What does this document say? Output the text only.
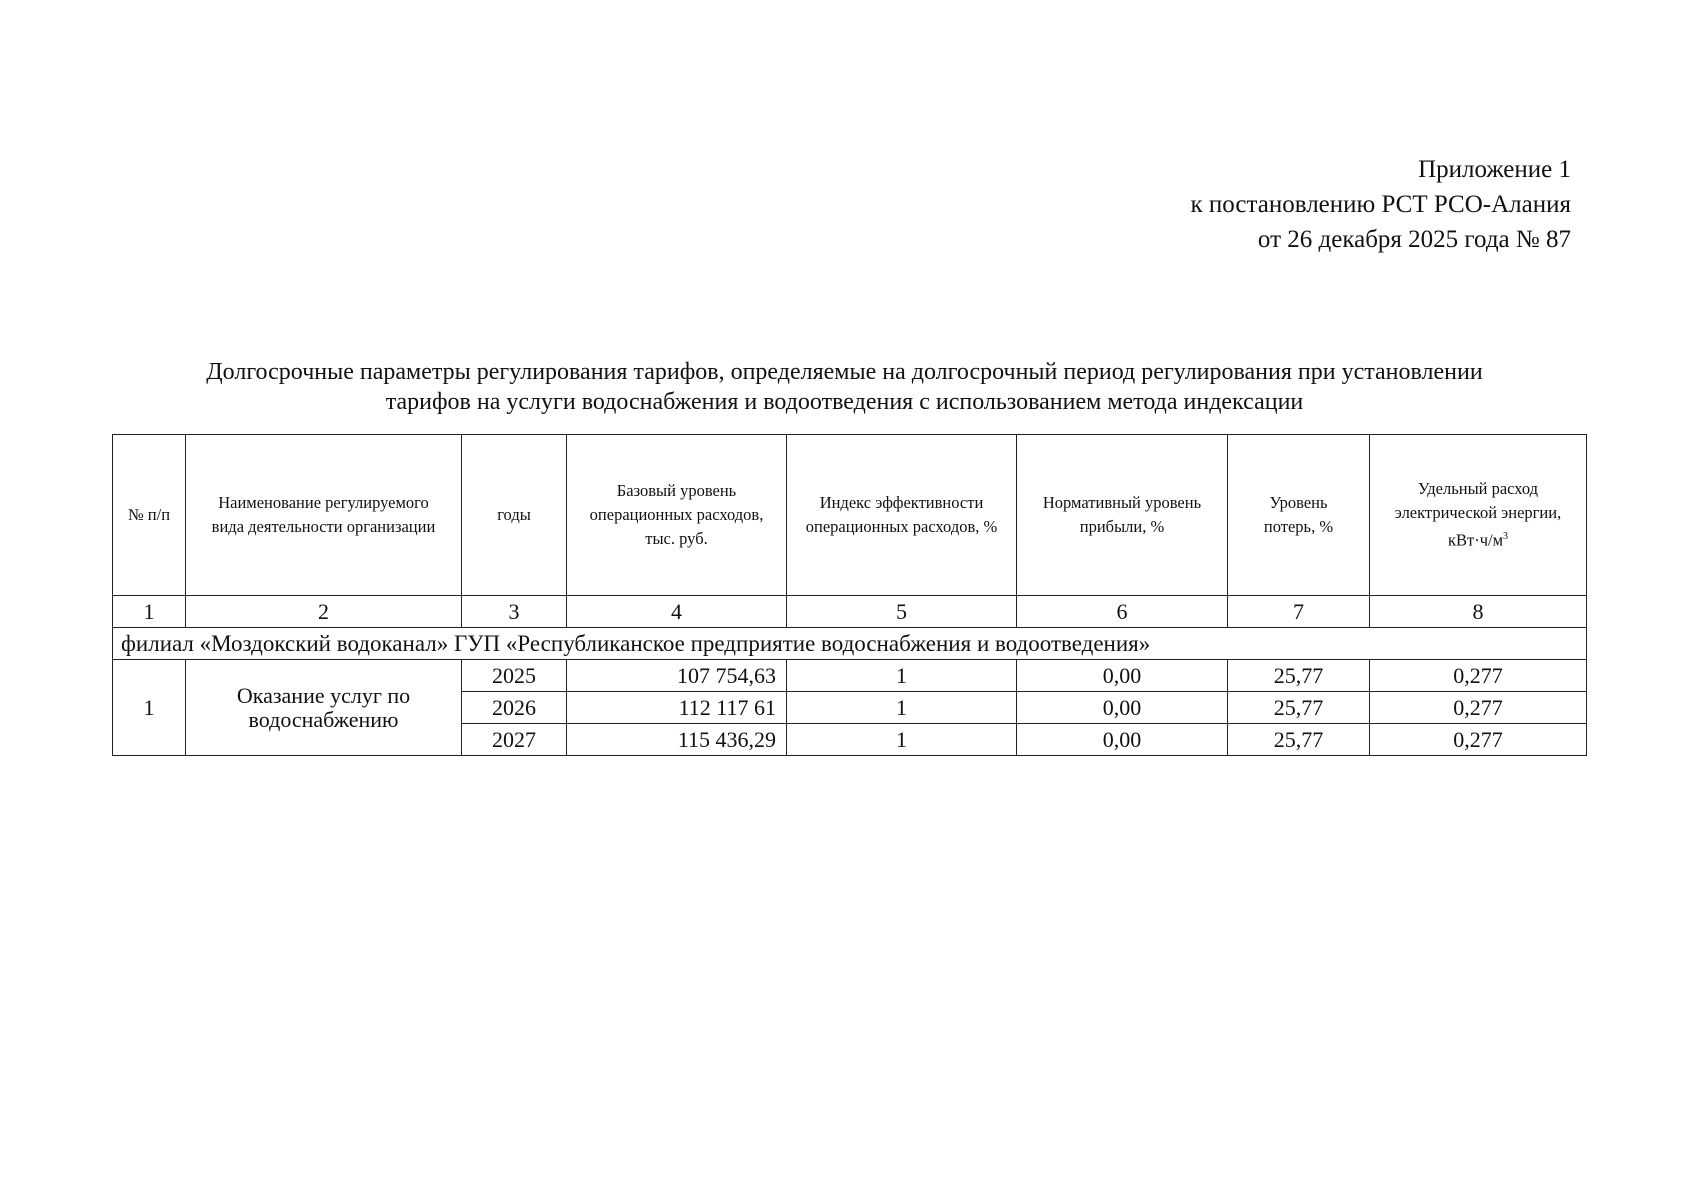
Приложение 1
к постановлению РСТ РСО-Алания
от 26 декабря 2025 года № 87
Долгосрочные параметры регулирования тарифов, определяемые на долгосрочный период регулирования при установлении
тарифов на услуги водоснабжения и водоотведения с использованием метода индексации
№ п/п	Наименование регулируемого вида деятельности организации	годы	Базовый уровень операционных расходов, тыс. руб.	Индекс эффективности операционных расходов, %	Нормативный уровень прибыли, %	Уровень потерь, %	Удельный расход электрической энергии, $кВт\cdot ч/м^3$
1	2	3	4	5	6	7	8
филиал «Моздокский водоканал» ГУП «Республиканское предприятие водоснабжения и водоотведения»							
1	Оказание услуг по водоснабжению	2025	107 754,63	1	0,00	25,77	0,277
		2026	112 117 61	1	0,00	25,77	0,277
		2027	115 436,29	1	0,00	25,77	0,277
